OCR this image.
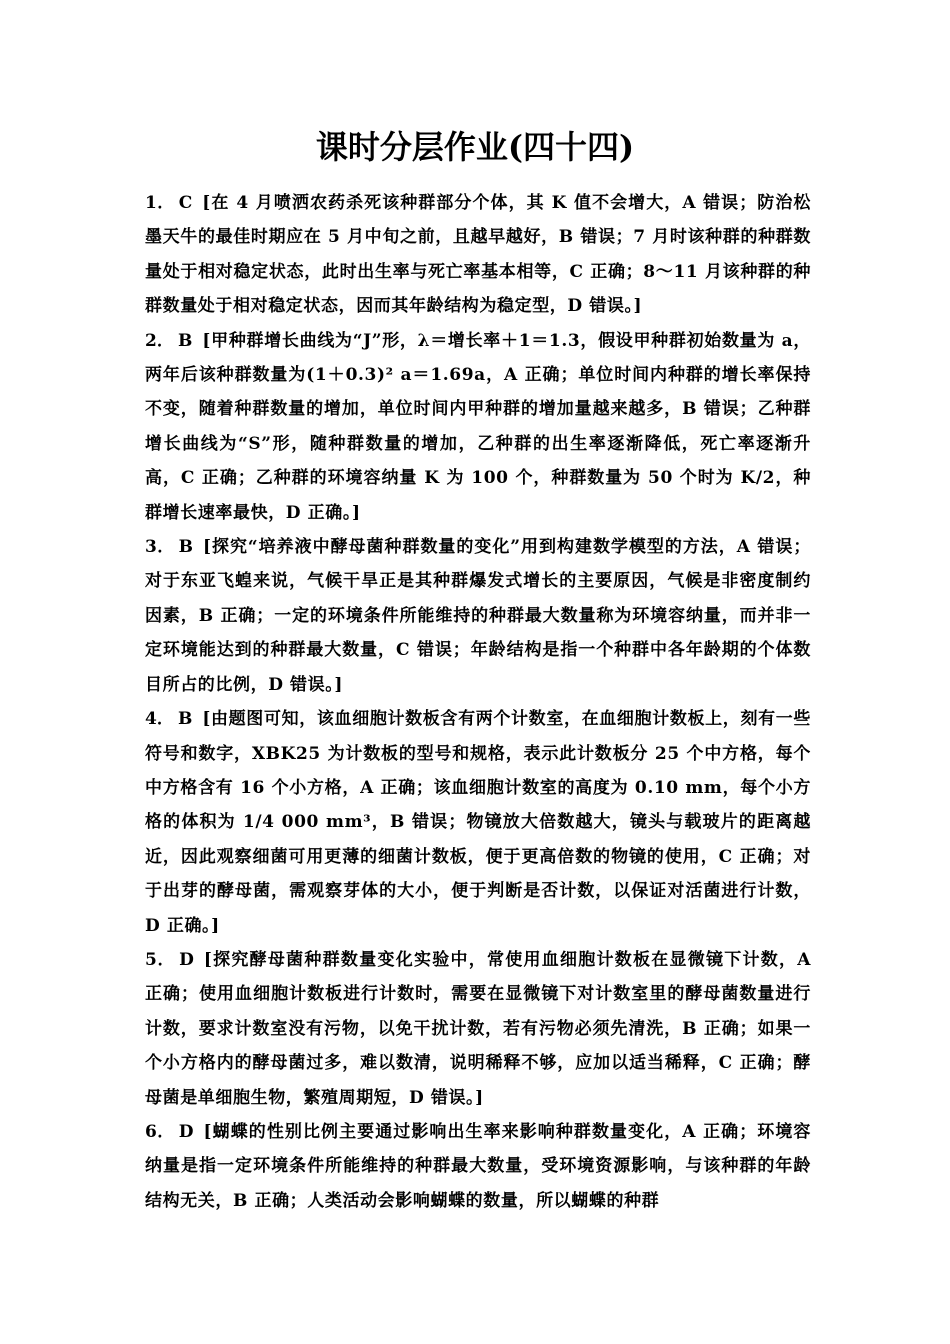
课时分层作业(四十四)

1． C [在 4 月喷洒农药杀死该种群部分个体，其 K 值不会增大，A 错误；防治松墨天牛的最佳时期应在 5 月中旬之前，且越早越好，B 错误；7 月时该种群的种群数量处于相对稳定状态，此时出生率与死亡率基本相等，C 正确；8～11 月该种群的种群数量处于相对稳定状态，因而其年龄结构为稳定型，D 错误。]

2． B [甲种群增长曲线为“J”形，λ＝增长率＋1＝1.3，假设甲种群初始数量为 a，两年后该种群数量为(1＋0.3)² a＝1.69a，A 正确；单位时间内种群的增长率保持不变，随着种群数量的增加，单位时间内甲种群的增加量越来越多，B 错误；乙种群增长曲线为“S”形，随种群数量的增加，乙种群的出生率逐渐降低，死亡率逐渐升高，C 正确；乙种群的环境容纳量 K 为 100 个，种群数量为 50 个时为 K/2，种群增长速率最快，D 正确。]

3． B [探究“培养液中酵母菌种群数量的变化”用到构建数学模型的方法，A 错误；对于东亚飞蝗来说，气候干旱正是其种群爆发式增长的主要原因，气候是非密度制约因素，B 正确；一定的环境条件所能维持的种群最大数量称为环境容纳量，而并非一定环境能达到的种群最大数量，C 错误；年龄结构是指一个种群中各年龄期的个体数目所占的比例，D 错误。]

4． B [由题图可知，该血细胞计数板含有两个计数室，在血细胞计数板上，刻有一些符号和数字，XBK25 为计数板的型号和规格，表示此计数板分 25 个中方格，每个中方格含有 16 个小方格，A 正确；该血细胞计数室的高度为 0.10 mm，每个小方格的体积为 1/4 000 mm³，B 错误；物镜放大倍数越大，镜头与载玻片的距离越近，因此观察细菌可用更薄的细菌计数板，便于更高倍数的物镜的使用，C 正确；对于出芽的酵母菌，需观察芽体的大小，便于判断是否计数，以保证对活菌进行计数，D 正确。]

5． D [探究酵母菌种群数量变化实验中，常使用血细胞计数板在显微镜下计数，A 正确；使用血细胞计数板进行计数时，需要在显微镜下对计数室里的酵母菌数量进行计数，要求计数室没有污物，以免干扰计数，若有污物必须先清洗，B 正确；如果一个小方格内的酵母菌过多，难以数清，说明稀释不够，应加以适当稀释，C 正确；酵母菌是单细胞生物，繁殖周期短，D 错误。]

6． D [蝴蝶的性别比例主要通过影响出生率来影响种群数量变化，A 正确；环境容纳量是指一定环境条件所能维持的种群最大数量，受环境资源影响，与该种群的年龄结构无关，B 正确；人类活动会影响蝴蝶的数量，所以蝴蝶的种群
